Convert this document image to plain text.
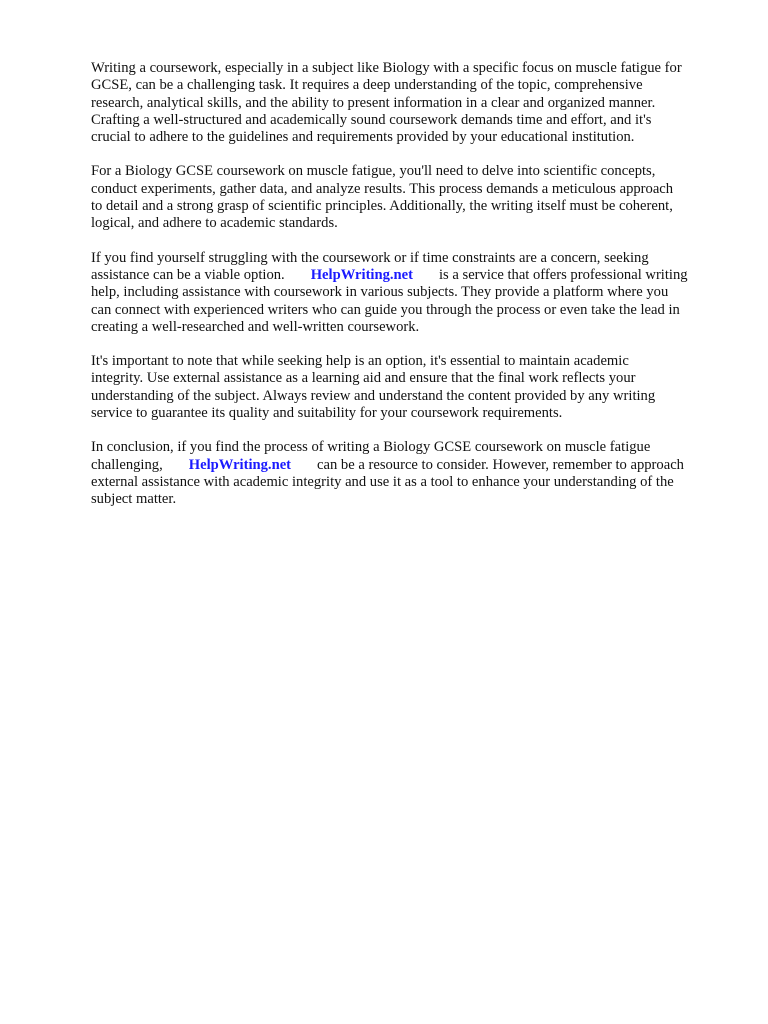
Writing a coursework, especially in a subject like Biology with a specific focus on muscle fatigue for
GCSE, can be a challenging task. It requires a deep understanding of the topic, comprehensive
research, analytical skills, and the ability to present information in a clear and organized manner.
Crafting a well-structured and academically sound coursework demands time and effort, and it's
crucial to adhere to the guidelines and requirements provided by your educational institution.

For a Biology GCSE coursework on muscle fatigue, you'll need to delve into scientific concepts,
conduct experiments, gather data, and analyze results. This process demands a meticulous approach
to detail and a strong grasp of scientific principles. Additionally, the writing itself must be coherent,
logical, and adhere to academic standards.

If you find yourself struggling with the coursework or if time constraints are a concern, seeking
assistance can be a viable option. HelpWriting.net is a service that offers professional writing
help, including assistance with coursework in various subjects. They provide a platform where you
can connect with experienced writers who can guide you through the process or even take the lead in
creating a well-researched and well-written coursework.

It's important to note that while seeking help is an option, it's essential to maintain academic
integrity. Use external assistance as a learning aid and ensure that the final work reflects your
understanding of the subject. Always review and understand the content provided by any writing
service to guarantee its quality and suitability for your coursework requirements.

In conclusion, if you find the process of writing a Biology GCSE coursework on muscle fatigue
challenging, HelpWriting.net can be a resource to consider. However, remember to approach
external assistance with academic integrity and use it as a tool to enhance your understanding of the
subject matter.
